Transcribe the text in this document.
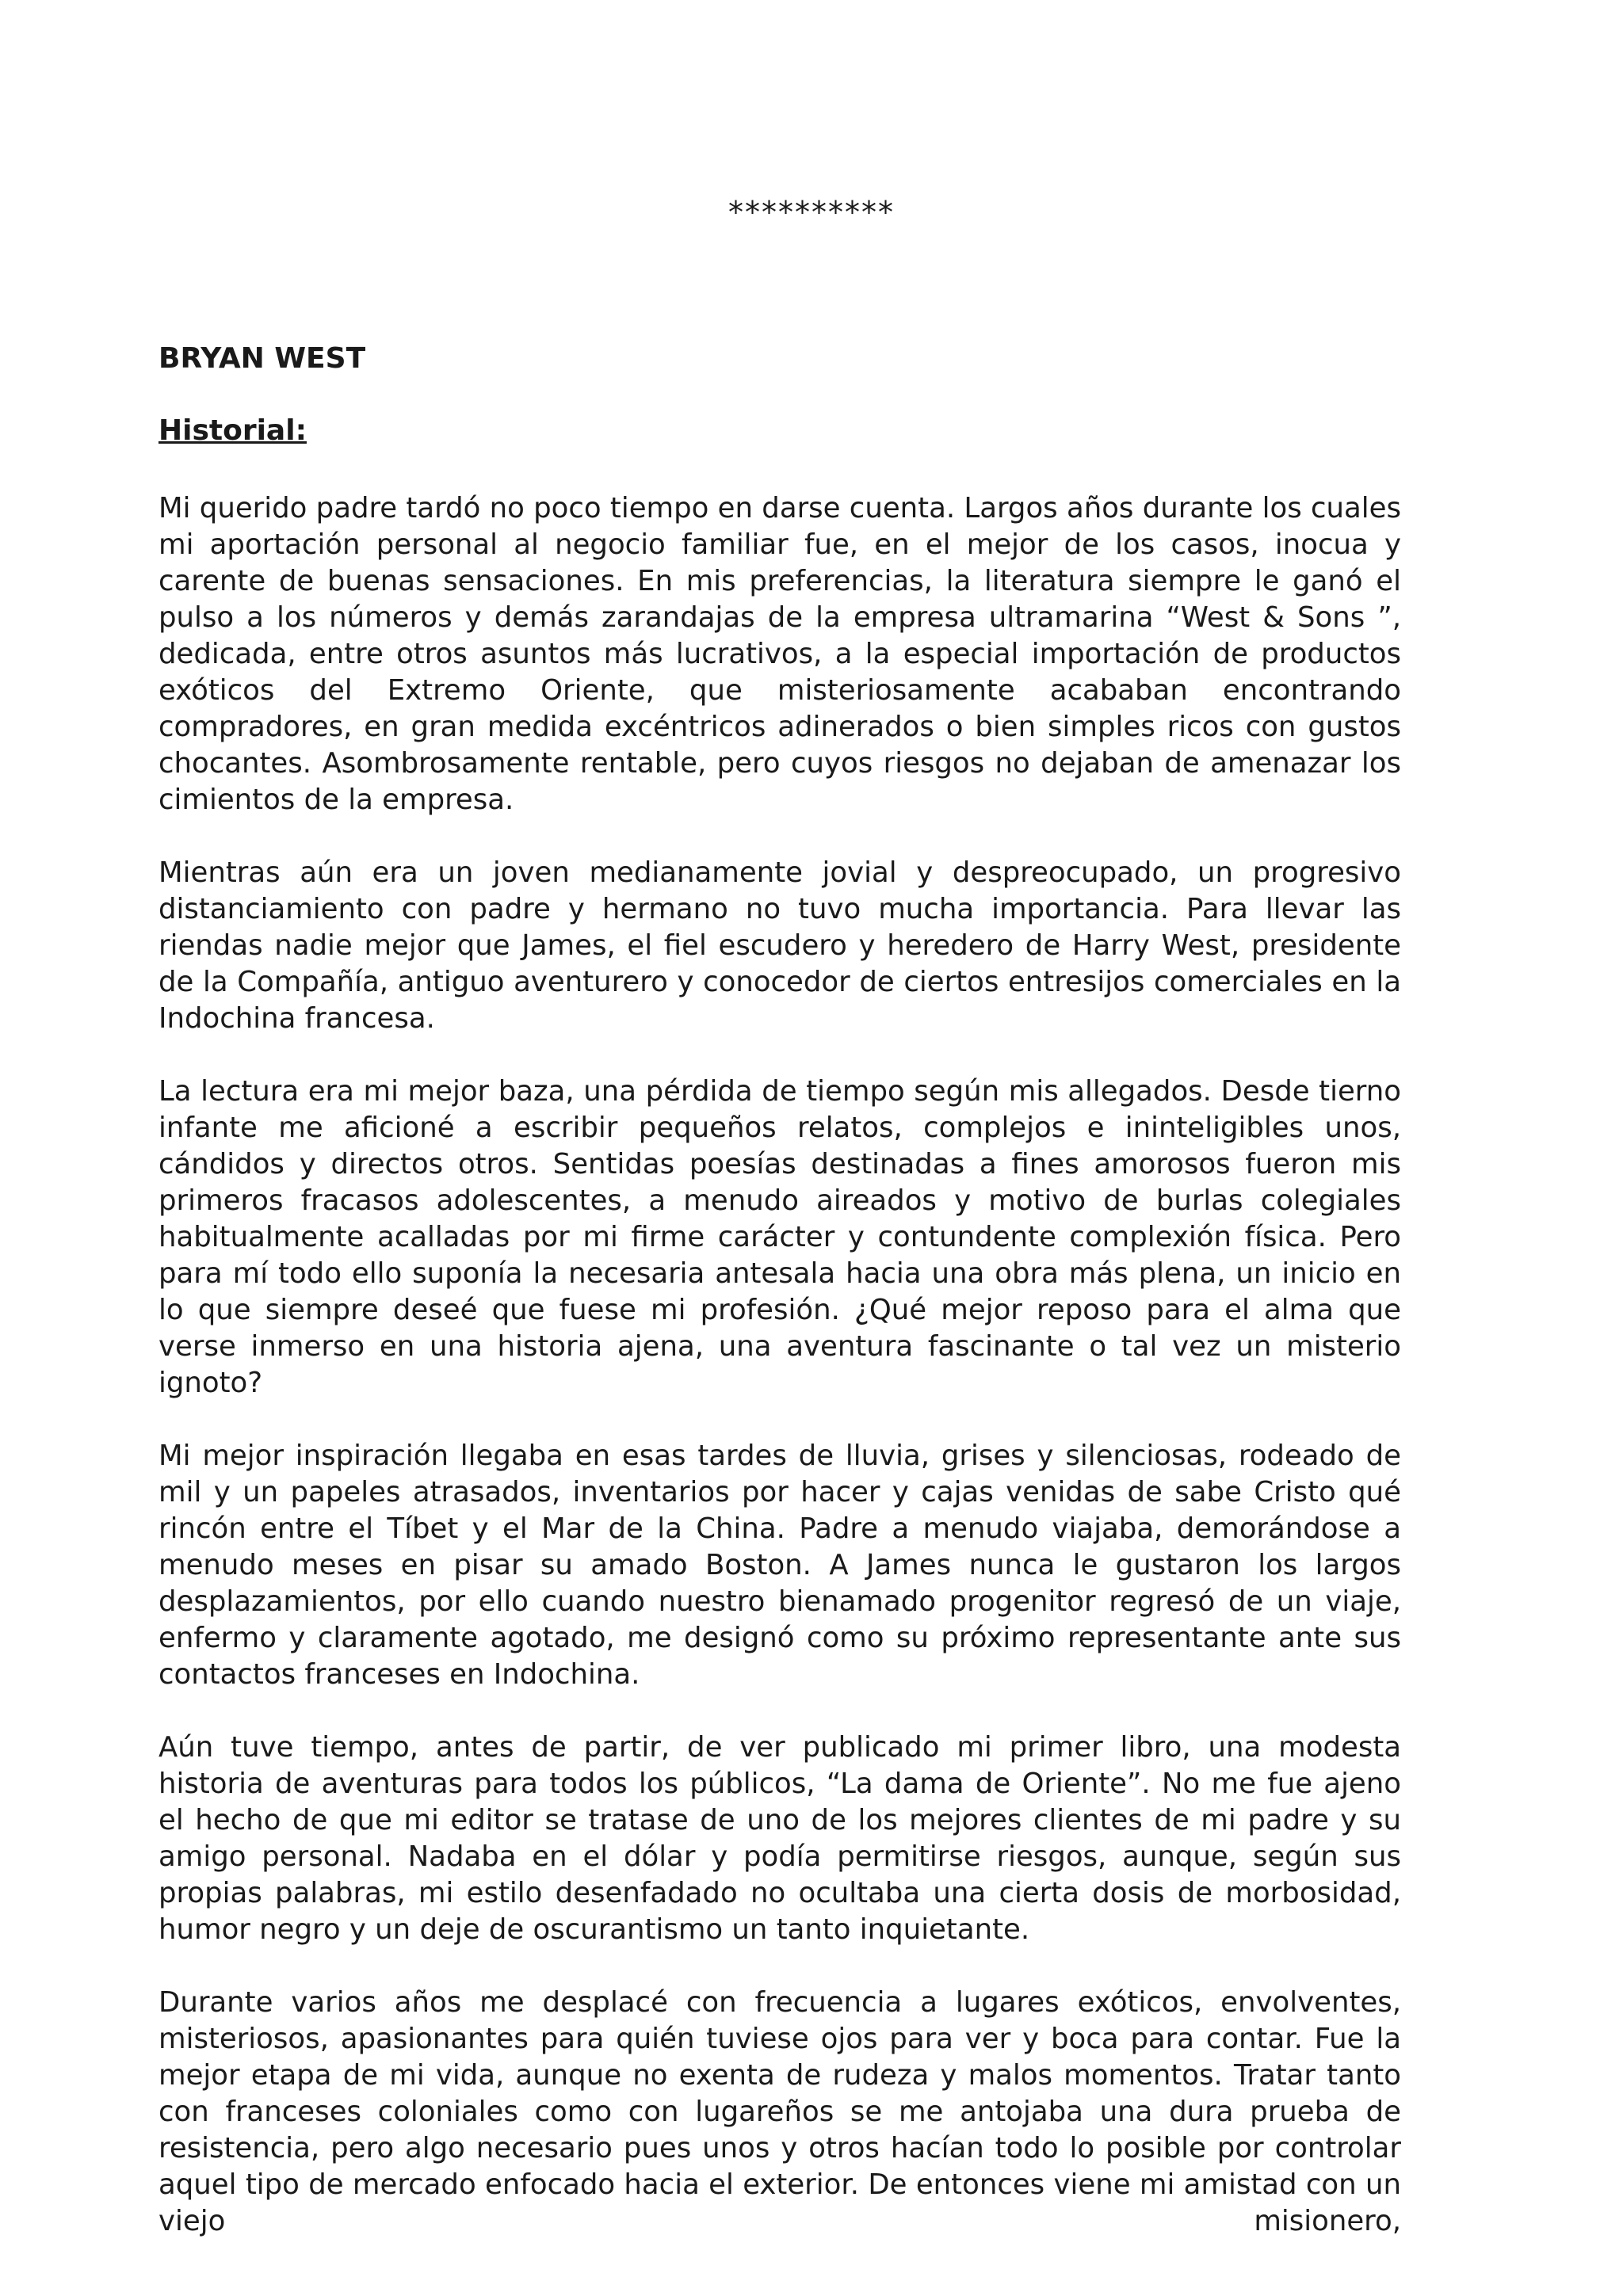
**********

BRYAN WEST

Historial:

Mi querido padre tardó no poco tiempo en darse cuenta. Largos años durante los cuales mi aportación personal al negocio familiar fue, en el mejor de los casos, inocua y carente de buenas sensaciones. En mis preferencias, la literatura siempre le ganó el pulso a los números y demás zarandajas de la empresa ultramarina “West & Sons ”, dedicada, entre otros asuntos más lucrativos, a la especial importación de productos exóticos del Extremo Oriente, que misteriosamente acababan encontrando compradores, en gran medida excéntricos adinerados o bien simples ricos con gustos chocantes. Asombrosamente rentable, pero cuyos riesgos no dejaban de amenazar los cimientos de la empresa.

Mientras aún era un joven medianamente jovial y despreocupado, un progresivo distanciamiento con padre y hermano no tuvo mucha importancia. Para llevar las riendas nadie mejor que James, el fiel escudero y heredero de Harry West, presidente de la Compañía, antiguo aventurero y conocedor de ciertos entresijos comerciales en la Indochina francesa.

La lectura era mi mejor baza, una pérdida de tiempo según mis allegados. Desde tierno infante me aficioné a escribir pequeños relatos, complejos e ininteligibles unos, cándidos y directos otros. Sentidas poesías destinadas a fines amorosos fueron mis primeros fracasos adolescentes, a menudo aireados y motivo de burlas colegiales habitualmente acalladas por mi firme carácter y contundente complexión física. Pero para mí todo ello suponía la necesaria antesala hacia una obra más plena, un inicio en lo que siempre deseé que fuese mi profesión. ¿Qué mejor reposo para el alma que verse inmerso en una historia ajena, una aventura fascinante o tal vez un misterio ignoto?

Mi mejor inspiración llegaba en esas tardes de lluvia, grises y silenciosas, rodeado de mil y un papeles atrasados, inventarios por hacer y cajas venidas de sabe Cristo qué rincón entre el Tíbet y el Mar de la China. Padre a menudo viajaba, demorándose a menudo meses en pisar su amado Boston. A James nunca le gustaron los largos desplazamientos, por ello cuando nuestro bienamado progenitor regresó de un viaje, enfermo y claramente agotado, me designó como su próximo representante ante sus contactos franceses en Indochina.

Aún tuve tiempo, antes de partir, de ver publicado mi primer libro, una modesta historia de aventuras para todos los públicos, “La dama de Oriente”. No me fue ajeno el hecho de que mi editor se tratase de uno de los mejores clientes de mi padre y su amigo personal. Nadaba en el dólar y podía permitirse riesgos, aunque, según sus propias palabras, mi estilo desenfadado no ocultaba una cierta dosis de morbosidad, humor negro y un deje de oscurantismo un tanto inquietante.

Durante varios años me desplacé con frecuencia a lugares exóticos, envolventes, misteriosos, apasionantes para quién tuviese ojos para ver y boca para contar. Fue la mejor etapa de mi vida, aunque no exenta de rudeza y malos momentos. Tratar tanto con franceses coloniales como con lugareños se me antojaba una dura prueba de resistencia, pero algo necesario pues unos y otros hacían todo lo posible por controlar aquel tipo de mercado enfocado hacia el exterior. De entonces viene mi amistad con un viejo misionero,
